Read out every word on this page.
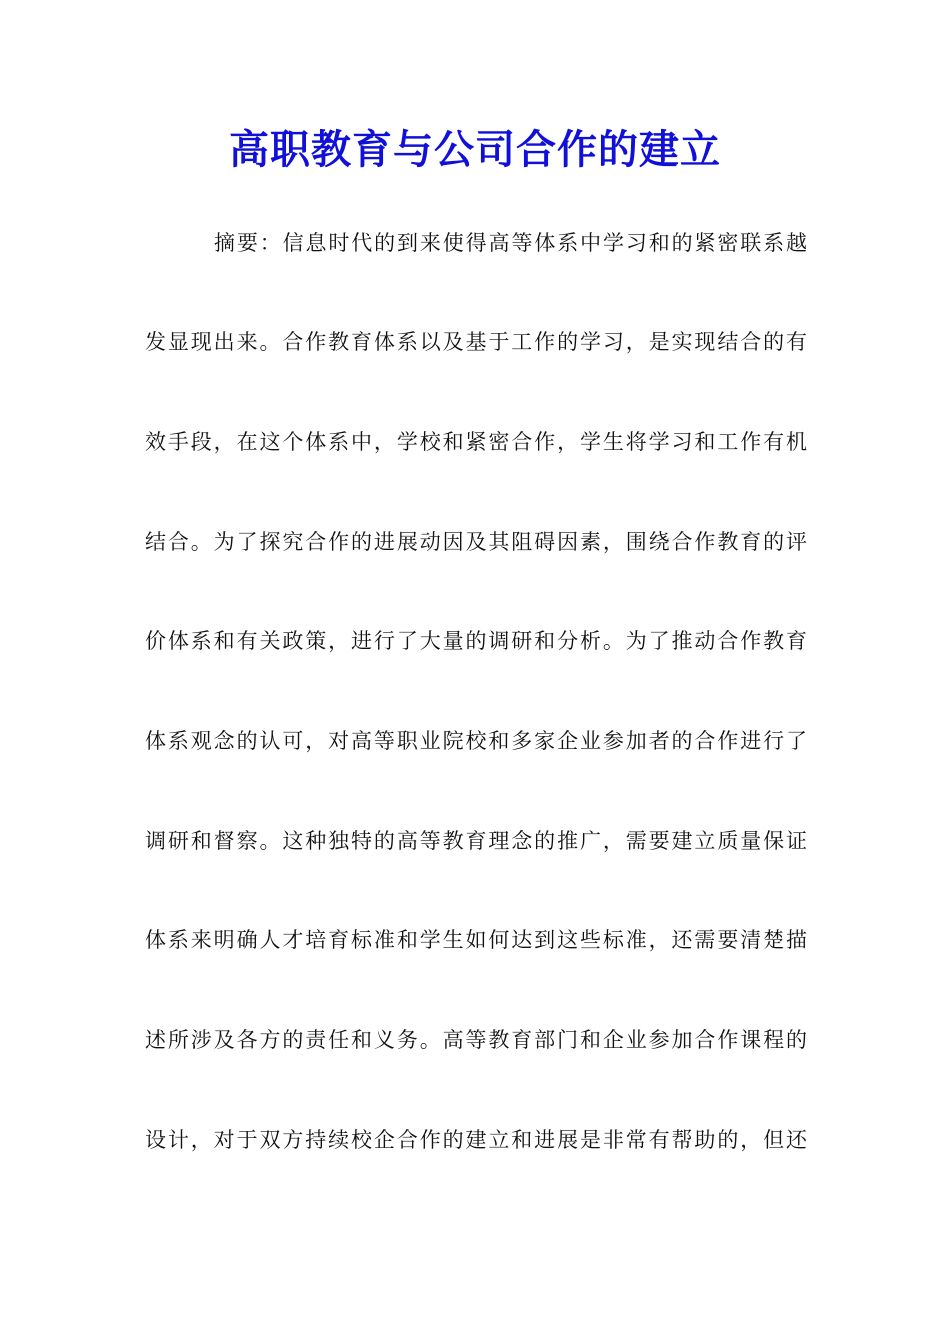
高职教育与公司合作的建立
摘要：信息时代的到来使得高等体系中学习和的紧密联系越
发显现出来。合作教育体系以及基于工作的学习，是实现结合的有
效手段，在这个体系中，学校和紧密合作，学生将学习和工作有机
结合。为了探究合作的进展动因及其阻碍因素，围绕合作教育的评
价体系和有关政策，进行了大量的调研和分析。为了推动合作教育
体系观念的认可，对高等职业院校和多家企业参加者的合作进行了
调研和督察。这种独特的高等教育理念的推广，需要建立质量保证
体系来明确人才培育标准和学生如何达到这些标准，还需要清楚描
述所涉及各方的责任和义务。高等教育部门和企业参加合作课程的
设计，对于双方持续校企合作的建立和进展是非常有帮助的，但还
